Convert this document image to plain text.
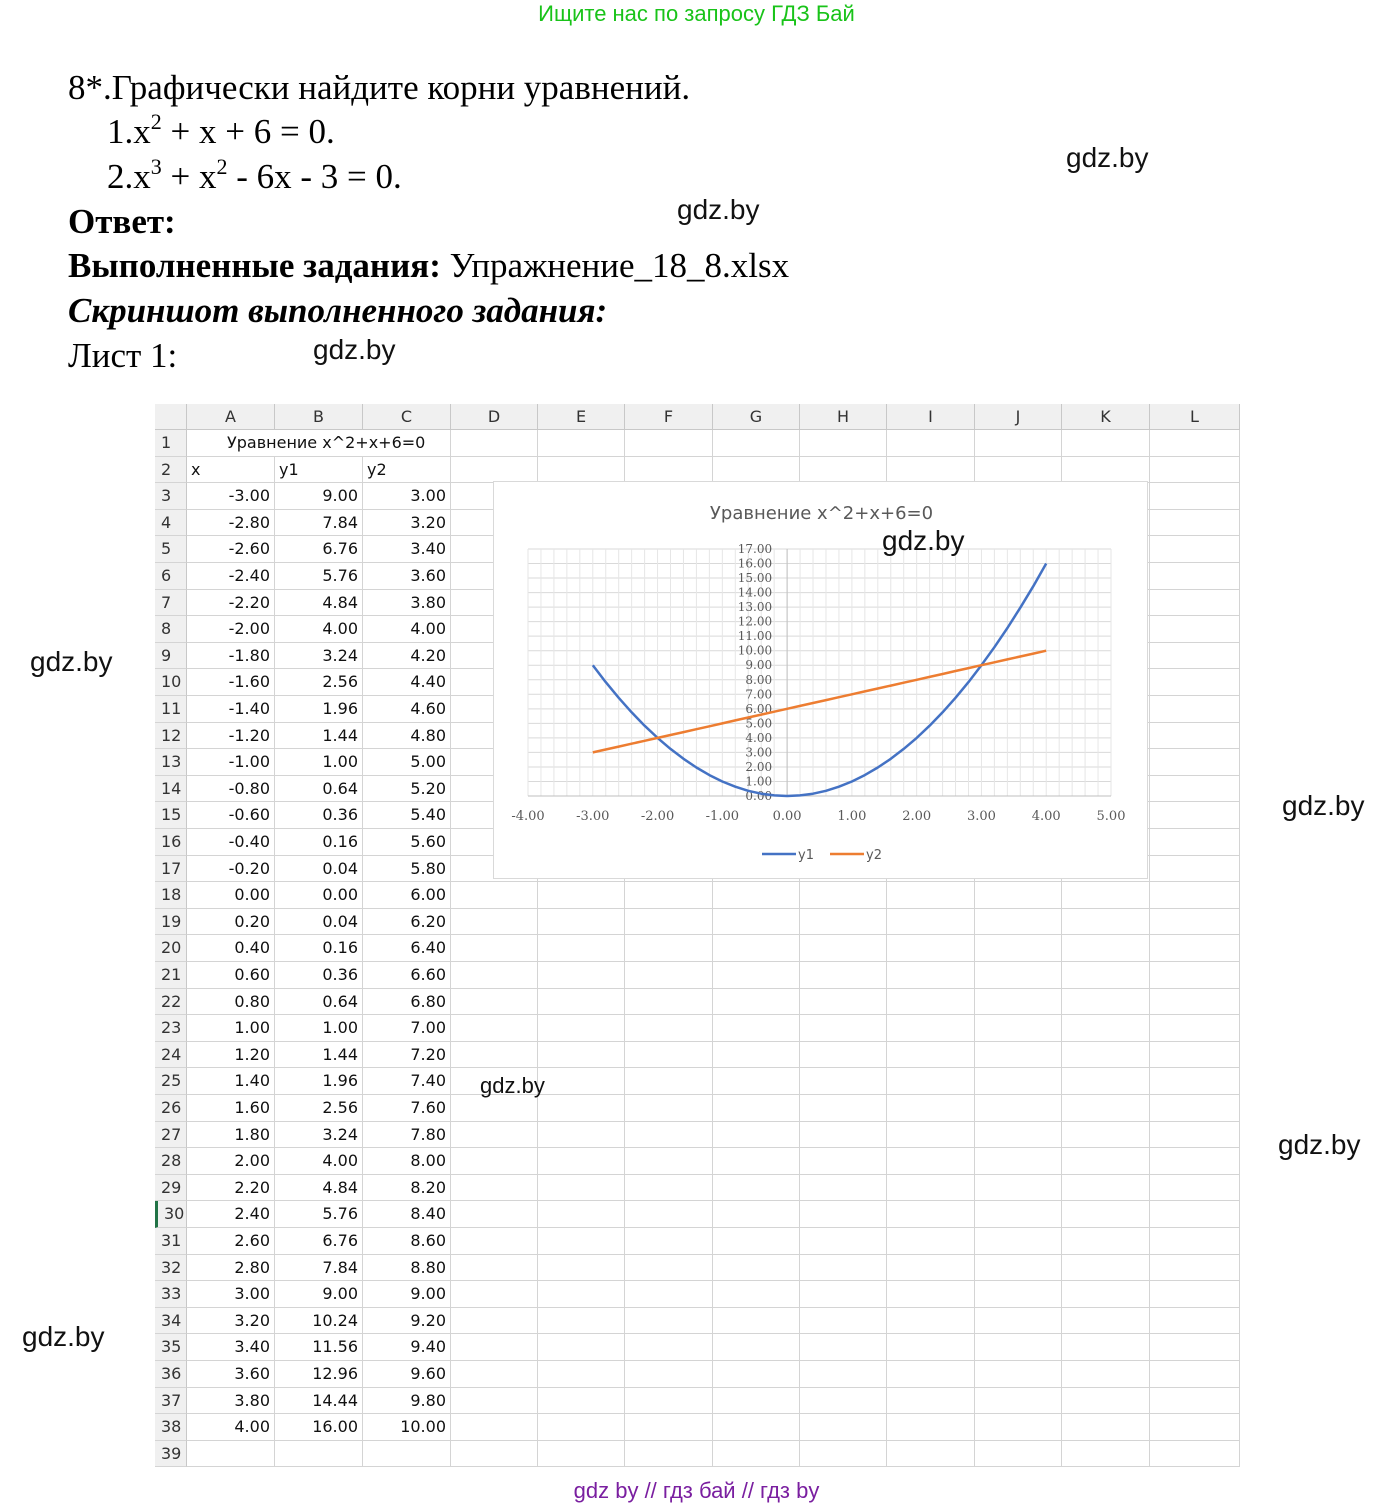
Ищите нас по запросу ГДЗ Бай
8*.Графически найдите корни уравнений.
$1.x^2 + x + 6 = 0$.
$2.x^3 + x^2 - 6x - 3 = 0$.
Ответ:
Выполненные задания: Упражнение_18_8.xlsx
Скриншот выполненного задания:
Лист 1:
A	B	C	D	E	F	G	H	I	J	K	L
1	Уравнение x^2+x+6=0
2	x	y1	y2
3	-3.00	9.00	3.00
4	-2.80	7.84	3.20
5	-2.60	6.76	3.40
6	-2.40	5.76	3.60
7	-2.20	4.84	3.80
8	-2.00	4.00	4.00
9	-1.80	3.24	4.20
10	-1.60	2.56	4.40
11	-1.40	1.96	4.60
12	-1.20	1.44	4.80
13	-1.00	1.00	5.00
14	-0.80	0.64	5.20
15	-0.60	0.36	5.40
16	-0.40	0.16	5.60
17	-0.20	0.04	5.80
18	0.00	0.00	6.00
19	0.20	0.04	6.20
20	0.40	0.16	6.40
21	0.60	0.36	6.60
22	0.80	0.64	6.80
23	1.00	1.00	7.00
24	1.20	1.44	7.20
25	1.40	1.96	7.40
26	1.60	2.56	7.60
27	1.80	3.24	7.80
28	2.00	4.00	8.00
29	2.20	4.84	8.20
30	2.40	5.76	8.40
31	2.60	6.76	8.60
32	2.80	7.84	8.80
33	3.00	9.00	9.00
34	3.20	10.24	9.20
35	3.40	11.56	9.40
36	3.60	12.96	9.60
37	3.80	14.44	9.80
38	4.00	16.00	10.00
39
Уравнение x^2+x+6=0
0.00
1.00
2.00
3.00
4.00
5.00
6.00
7.00
8.00
9.00
10.00
11.00
12.00
13.00
14.00
15.00
16.00
17.00
-4.00 -3.00 -2.00 -1.00	0.00	1.00	2.00	3.00	4.00	5.00
y1	y2
gdz.by
gdz.by
gdz.by
gdz.by
gdz.by
gdz.by
gdz.by
gdz.by
gdz.by
gdz by // гдз бай // гдз by
